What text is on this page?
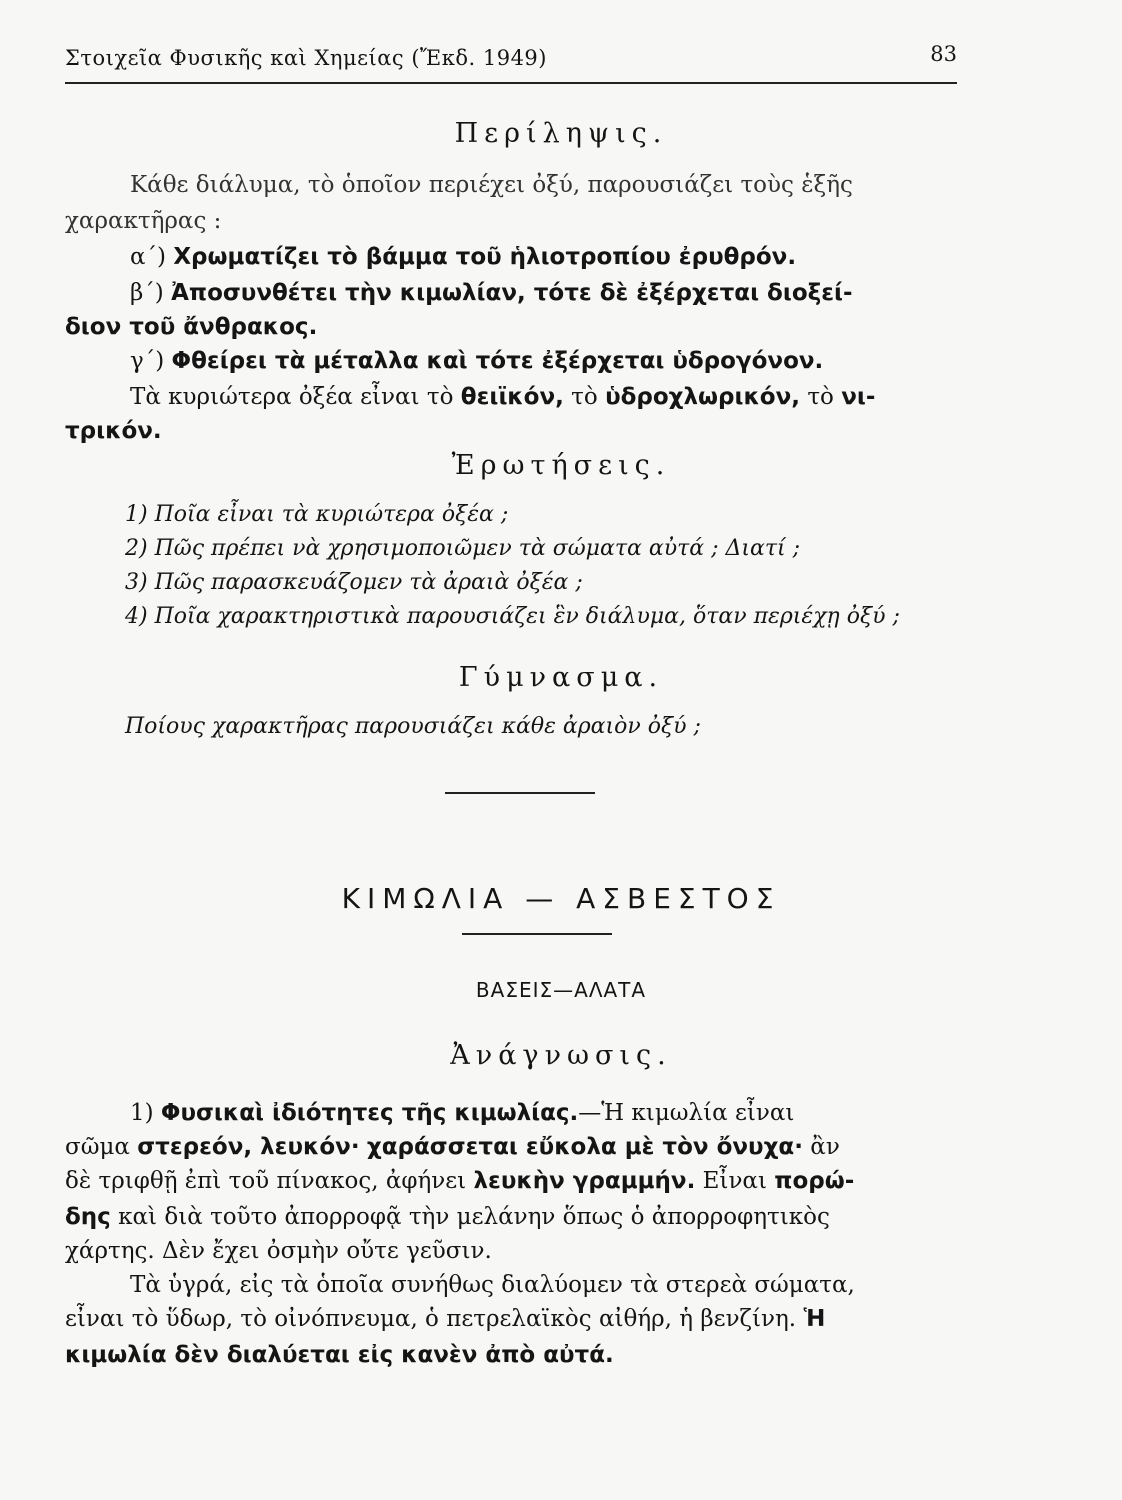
Στοιχεῖα Φυσικῆς καὶ Χημείας (Ἔκδ. 1949)	83
Περίληψις.
Κάθε διάλυμα, τὸ ὁποῖον περιέχει ὀξύ, παρουσιάζει τοὺς ἑξῆς
χαρακτῆρας :
α΄) Χρωματίζει τὸ βάμμα τοῦ ἡλιοτροπίου ἐρυθρόν.
β΄) Ἀποσυνθέτει τὴν κιμωλίαν, τότε δὲ ἐξέρχεται διοξεί-
διον τοῦ ἄνθρακος.
γ΄) Φθείρει τὰ μέταλλα καὶ τότε ἐξέρχεται ὑδρογόνον.
Τὰ κυριώτερα ὀξέα εἶναι τὸ θειϊκόν, τὸ ὑδροχλωρικόν, τὸ νι-
τρικόν.
Ἐρωτήσεις.
1) Ποῖα εἶναι τὰ κυριώτερα ὀξέα ;
2) Πῶς πρέπει νὰ χρησιμοποιῶμεν τὰ σώματα αὐτά ; Διατί ;
3) Πῶς παρασκευάζομεν τὰ ἀραιὰ ὀξέα ;
4) Ποῖα χαρακτηριστικὰ παρουσιάζει ἓν διάλυμα, ὅταν περιέχῃ ὀξύ ;
Γύμνασμα.
Ποίους χαρακτῆρας παρουσιάζει κάθε ἀραιὸν ὀξύ ;
ΚΙΜΩΛΙΑ — ΑΣΒΕΣΤΟΣ
ΒΑΣΕΙΣ—ΑΛΑΤΑ
Ἀνάγνωσις.
1) Φυσικαὶ ἰδιότητες τῆς κιμωλίας.—Ἡ κιμωλία εἶναι
σῶμα στερεόν, λευκόν· χαράσσεται εὔκολα μὲ τὸν ὄνυχα· ἂν
δὲ τριφθῇ ἐπὶ τοῦ πίνακος, ἀφήνει λευκὴν γραμμήν. Εἶναι πορώ-
δης καὶ διὰ τοῦτο ἀπορροφᾷ τὴν μελάνην ὅπως ὁ ἀπορροφητικὸς
χάρτης. Δὲν ἔχει ὀσμὴν οὔτε γεῦσιν.
Τὰ ὑγρά, εἰς τὰ ὁποῖα συνήθως διαλύομεν τὰ στερεὰ σώματα,
εἶναι τὸ ὕδωρ, τὸ οἰνόπνευμα, ὁ πετρελαϊκὸς αἰθήρ, ἡ βενζίνη. Ἡ
κιμωλία δὲν διαλύεται εἰς κανὲν ἀπὸ αὐτά.
